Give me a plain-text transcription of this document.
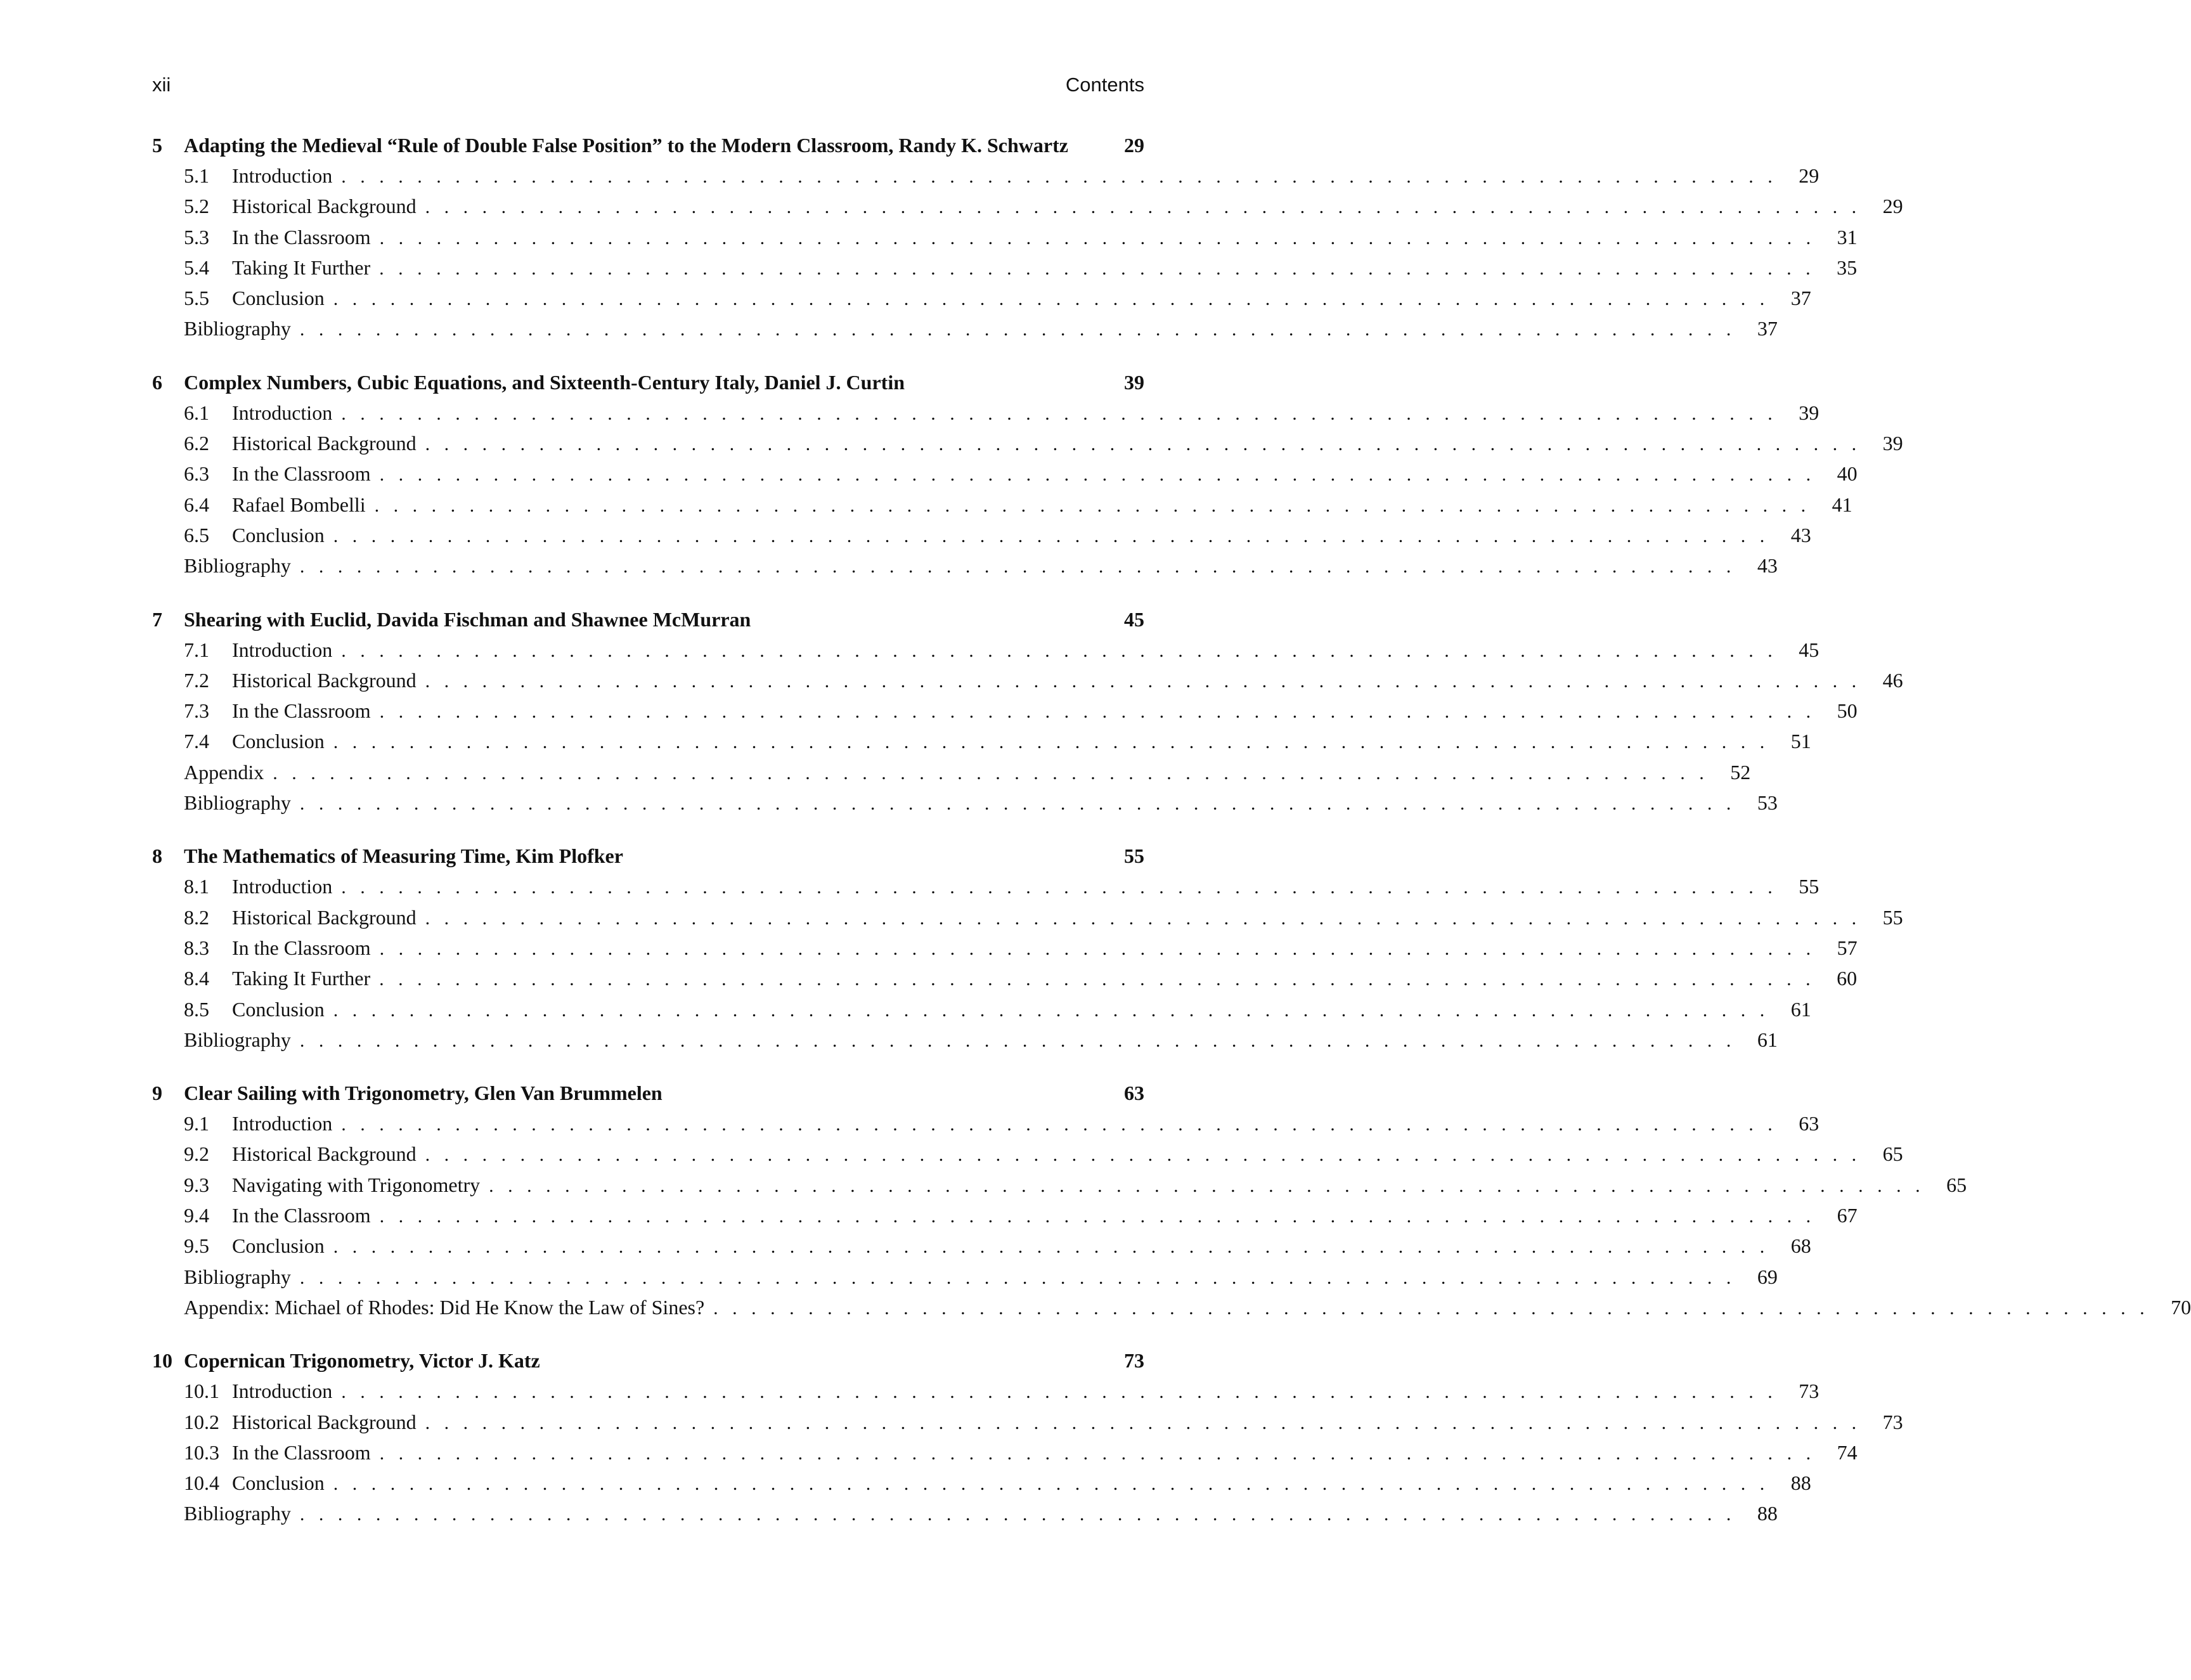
xii	Contents
5 Adapting the Medieval “Rule of Double False Position” to the Modern Classroom, Randy K. Schwartz	29
5.1	Introduction . . . . . . . . . . . . . . . . . . . . . . . . . . . . . . . . . . . . . . . . . . . . . . . . . . . . . . . . . . . . . . . . . . . . . . . . . . . .	29
5.2	Historical Background . . . . . . . . . . . . . . . . . . . . . . . . . . . . . . . . . . . . . . . . . . . . . . . . . . . . . . . . . . . . . . . . . . . . . . . . . . . .	29
5.3	In the Classroom . . . . . . . . . . . . . . . . . . . . . . . . . . . . . . . . . . . . . . . . . . . . . . . . . . . . . . . . . . . . . . . . . . . . . . . . . . . .	31
5.4	Taking It Further . . . . . . . . . . . . . . . . . . . . . . . . . . . . . . . . . . . . . . . . . . . . . . . . . . . . . . . . . . . . . . . . . . . . . . . . . . . .	35
5.5	Conclusion . . . . . . . . . . . . . . . . . . . . . . . . . . . . . . . . . . . . . . . . . . . . . . . . . . . . . . . . . . . . . . . . . . . . . . . . . . . .	37
Bibliography . . . . . . . . . . . . . . . . . . . . . . . . . . . . . . . . . . . . . . . . . . . . . . . . . . . . . . . . . . . . . . . . . . . . . . . . . . . .	37
6 Complex Numbers, Cubic Equations, and Sixteenth-Century Italy, Daniel J. Curtin	39
6.1	Introduction . . . . . . . . . . . . . . . . . . . . . . . . . . . . . . . . . . . . . . . . . . . . . . . . . . . . . . . . . . . . . . . . . . . . . . . . . . . .	39
6.2	Historical Background . . . . . . . . . . . . . . . . . . . . . . . . . . . . . . . . . . . . . . . . . . . . . . . . . . . . . . . . . . . . . . . . . . . . . . . . . . . .	39
6.3	In the Classroom . . . . . . . . . . . . . . . . . . . . . . . . . . . . . . . . . . . . . . . . . . . . . . . . . . . . . . . . . . . . . . . . . . . . . . . . . . . .	40
6.4	Rafael Bombelli . . . . . . . . . . . . . . . . . . . . . . . . . . . . . . . . . . . . . . . . . . . . . . . . . . . . . . . . . . . . . . . . . . . . . . . . . . . .	41
6.5	Conclusion . . . . . . . . . . . . . . . . . . . . . . . . . . . . . . . . . . . . . . . . . . . . . . . . . . . . . . . . . . . . . . . . . . . . . . . . . . . .	43
Bibliography . . . . . . . . . . . . . . . . . . . . . . . . . . . . . . . . . . . . . . . . . . . . . . . . . . . . . . . . . . . . . . . . . . . . . . . . . . . .	43
7 Shearing with Euclid, Davida Fischman and Shawnee McMurran	45
7.1	Introduction . . . . . . . . . . . . . . . . . . . . . . . . . . . . . . . . . . . . . . . . . . . . . . . . . . . . . . . . . . . . . . . . . . . . . . . . . . . .	45
7.2	Historical Background . . . . . . . . . . . . . . . . . . . . . . . . . . . . . . . . . . . . . . . . . . . . . . . . . . . . . . . . . . . . . . . . . . . . . . . . . . . .	46
7.3	In the Classroom . . . . . . . . . . . . . . . . . . . . . . . . . . . . . . . . . . . . . . . . . . . . . . . . . . . . . . . . . . . . . . . . . . . . . . . . . . . .	50
7.4	Conclusion . . . . . . . . . . . . . . . . . . . . . . . . . . . . . . . . . . . . . . . . . . . . . . . . . . . . . . . . . . . . . . . . . . . . . . . . . . . .	51
Appendix . . . . . . . . . . . . . . . . . . . . . . . . . . . . . . . . . . . . . . . . . . . . . . . . . . . . . . . . . . . . . . . . . . . . . . . . . . . .	52
Bibliography . . . . . . . . . . . . . . . . . . . . . . . . . . . . . . . . . . . . . . . . . . . . . . . . . . . . . . . . . . . . . . . . . . . . . . . . . . . .	53
8 The Mathematics of Measuring Time, Kim Plofker	55
8.1	Introduction . . . . . . . . . . . . . . . . . . . . . . . . . . . . . . . . . . . . . . . . . . . . . . . . . . . . . . . . . . . . . . . . . . . . . . . . . . . .	55
8.2	Historical Background . . . . . . . . . . . . . . . . . . . . . . . . . . . . . . . . . . . . . . . . . . . . . . . . . . . . . . . . . . . . . . . . . . . . . . . . . . . .	55
8.3	In the Classroom . . . . . . . . . . . . . . . . . . . . . . . . . . . . . . . . . . . . . . . . . . . . . . . . . . . . . . . . . . . . . . . . . . . . . . . . . . . .	57
8.4	Taking It Further . . . . . . . . . . . . . . . . . . . . . . . . . . . . . . . . . . . . . . . . . . . . . . . . . . . . . . . . . . . . . . . . . . . . . . . . . . . .	60
8.5	Conclusion . . . . . . . . . . . . . . . . . . . . . . . . . . . . . . . . . . . . . . . . . . . . . . . . . . . . . . . . . . . . . . . . . . . . . . . . . . . .	61
Bibliography . . . . . . . . . . . . . . . . . . . . . . . . . . . . . . . . . . . . . . . . . . . . . . . . . . . . . . . . . . . . . . . . . . . . . . . . . . . .	61
9 Clear Sailing with Trigonometry, Glen Van Brummelen	63
9.1	Introduction . . . . . . . . . . . . . . . . . . . . . . . . . . . . . . . . . . . . . . . . . . . . . . . . . . . . . . . . . . . . . . . . . . . . . . . . . . . .	63
9.2	Historical Background . . . . . . . . . . . . . . . . . . . . . . . . . . . . . . . . . . . . . . . . . . . . . . . . . . . . . . . . . . . . . . . . . . . . . . . . . . . .	65
9.3	Navigating with Trigonometry . . . . . . . . . . . . . . . . . . . . . . . . . . . . . . . . . . . . . . . . . . . . . . . . . . . . . . . . . . . . . . . . . . . . . . . . . . . .	65
9.4	In the Classroom . . . . . . . . . . . . . . . . . . . . . . . . . . . . . . . . . . . . . . . . . . . . . . . . . . . . . . . . . . . . . . . . . . . . . . . . . . . .	67
9.5	Conclusion . . . . . . . . . . . . . . . . . . . . . . . . . . . . . . . . . . . . . . . . . . . . . . . . . . . . . . . . . . . . . . . . . . . . . . . . . . . .	68
Bibliography . . . . . . . . . . . . . . . . . . . . . . . . . . . . . . . . . . . . . . . . . . . . . . . . . . . . . . . . . . . . . . . . . . . . . . . . . . . .	69
Appendix: Michael of Rhodes: Did He Know the Law of Sines? . . . . . . . . . . . . . . . . . . . . . . . . . . . . . . . . . . . . . . . . . . . . . . . . . . . . . . . . . . . . . . . . . . . . . . . . . . . .	70
10 Copernican Trigonometry, Victor J. Katz	73
10.1 Introduction . . . . . . . . . . . . . . . . . . . . . . . . . . . . . . . . . . . . . . . . . . . . . . . . . . . . . . . . . . . . . . . . . . . . . . . . . . . .	73
10.2 Historical Background . . . . . . . . . . . . . . . . . . . . . . . . . . . . . . . . . . . . . . . . . . . . . . . . . . . . . . . . . . . . . . . . . . . . . . . . . . . .	73
10.3 In the Classroom . . . . . . . . . . . . . . . . . . . . . . . . . . . . . . . . . . . . . . . . . . . . . . . . . . . . . . . . . . . . . . . . . . . . . . . . . . . .	74
10.4 Conclusion . . . . . . . . . . . . . . . . . . . . . . . . . . . . . . . . . . . . . . . . . . . . . . . . . . . . . . . . . . . . . . . . . . . . . . . . . . . .	88
Bibliography . . . . . . . . . . . . . . . . . . . . . . . . . . . . . . . . . . . . . . . . . . . . . . . . . . . . . . . . . . . . . . . . . . . . . . . . . . . .	88
